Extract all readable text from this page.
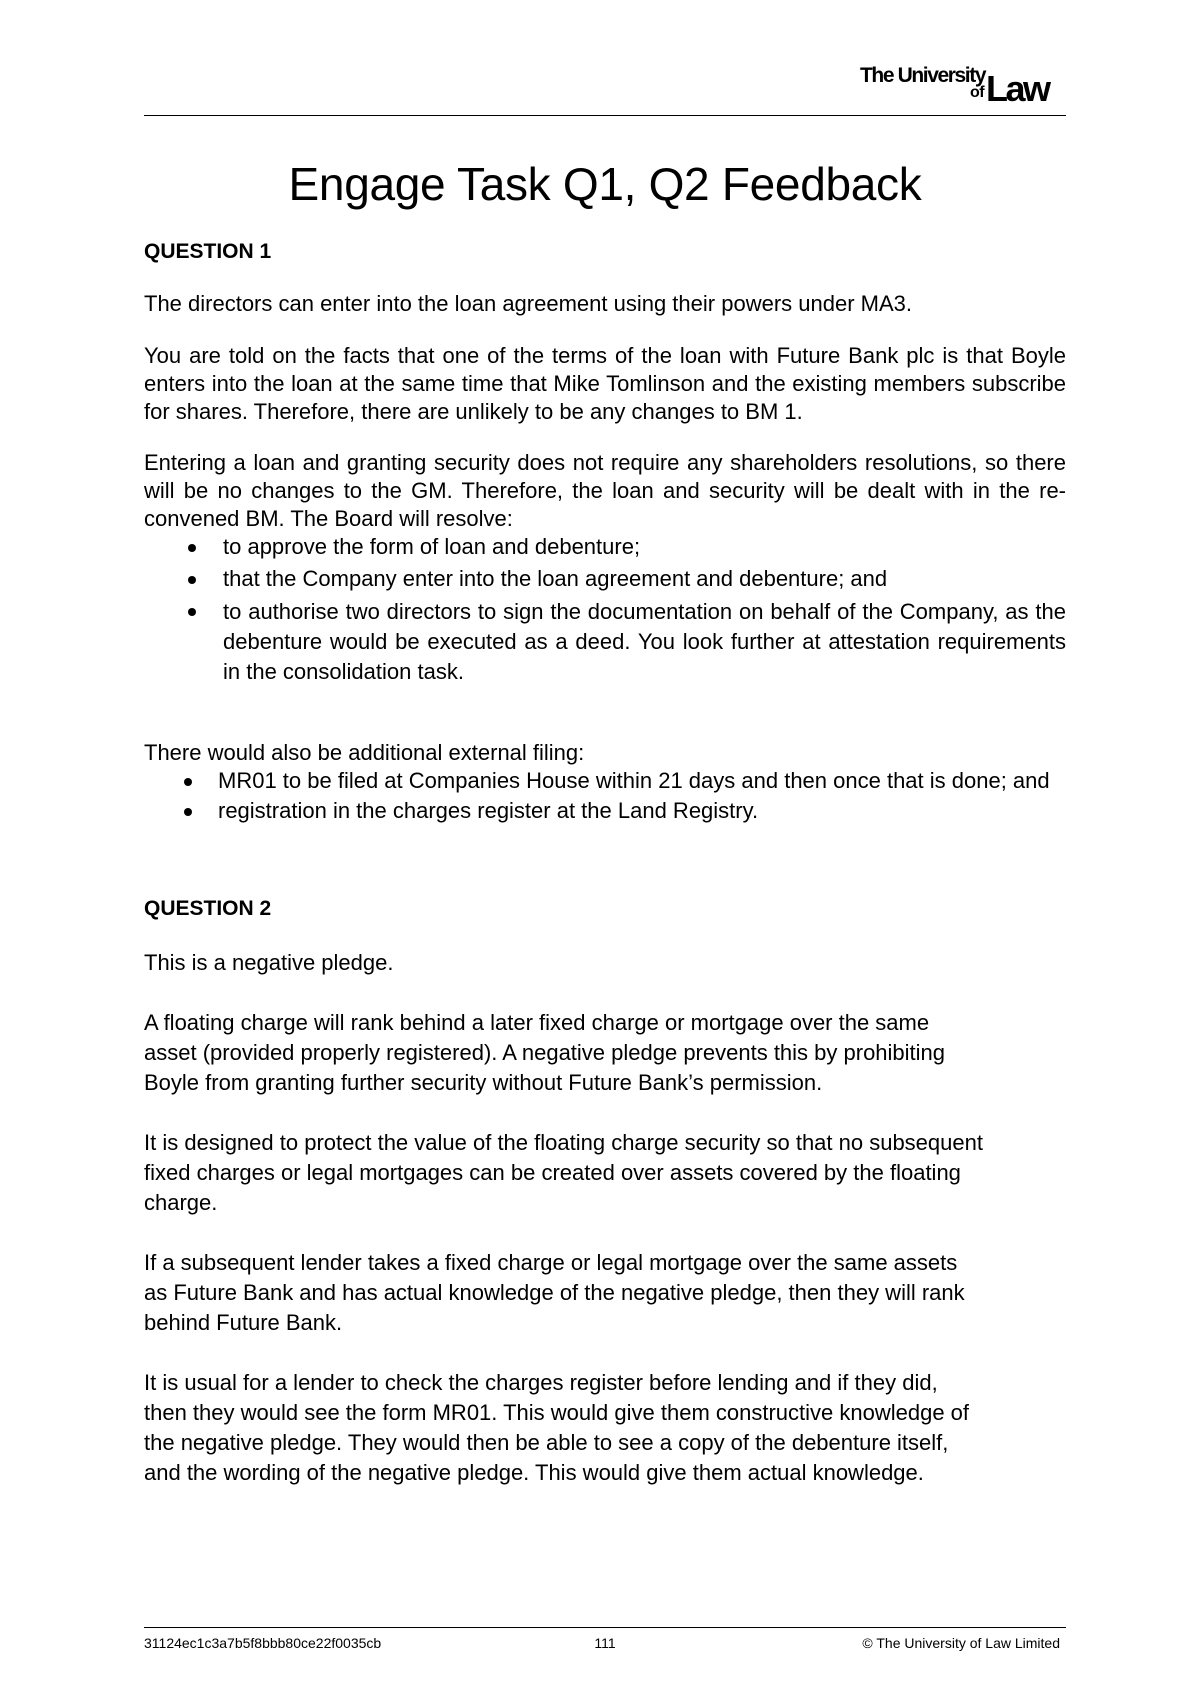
The University
of Law
Engage Task Q1, Q2 Feedback

QUESTION 1

The directors can enter into the loan agreement using their powers under MA3.

You are told on the facts that one of the terms of the loan with Future Bank plc is that Boyle enters into the loan at the same time that Mike Tomlinson and the existing members subscribe for shares. Therefore, there are unlikely to be any changes to BM 1.

Entering a loan and granting security does not require any shareholders resolutions, so there will be no changes to the GM. Therefore, the loan and security will be dealt with in the re-convened BM. The Board will resolve:

to approve the form of loan and debenture;
that the Company enter into the loan agreement and debenture; and
to authorise two directors to sign the documentation on behalf of the Company, as the debenture would be executed as a deed. You look further at attestation requirements in the consolidation task.

There would also be additional external filing:

MR01 to be filed at Companies House within 21 days and then once that is done; and
registration in the charges register at the Land Registry.

QUESTION 2

This is a negative pledge.

A floating charge will rank behind a later fixed charge or mortgage over the same asset (provided properly registered). A negative pledge prevents this by prohibiting Boyle from granting further security without Future Bank’s permission.

It is designed to protect the value of the floating charge security so that no subsequent fixed charges or legal mortgages can be created over assets covered by the floating charge.

If a subsequent lender takes a fixed charge or legal mortgage over the same assets as Future Bank and has actual knowledge of the negative pledge, then they will rank behind Future Bank.

It is usual for a lender to check the charges register before lending and if they did, then they would see the form MR01. This would give them constructive knowledge of the negative pledge. They would then be able to see a copy of the debenture itself, and the wording of the negative pledge. This would give them actual knowledge.

31124ec1c3a7b5f8bbb80ce22f0035cb	111	© The University of Law Limited
